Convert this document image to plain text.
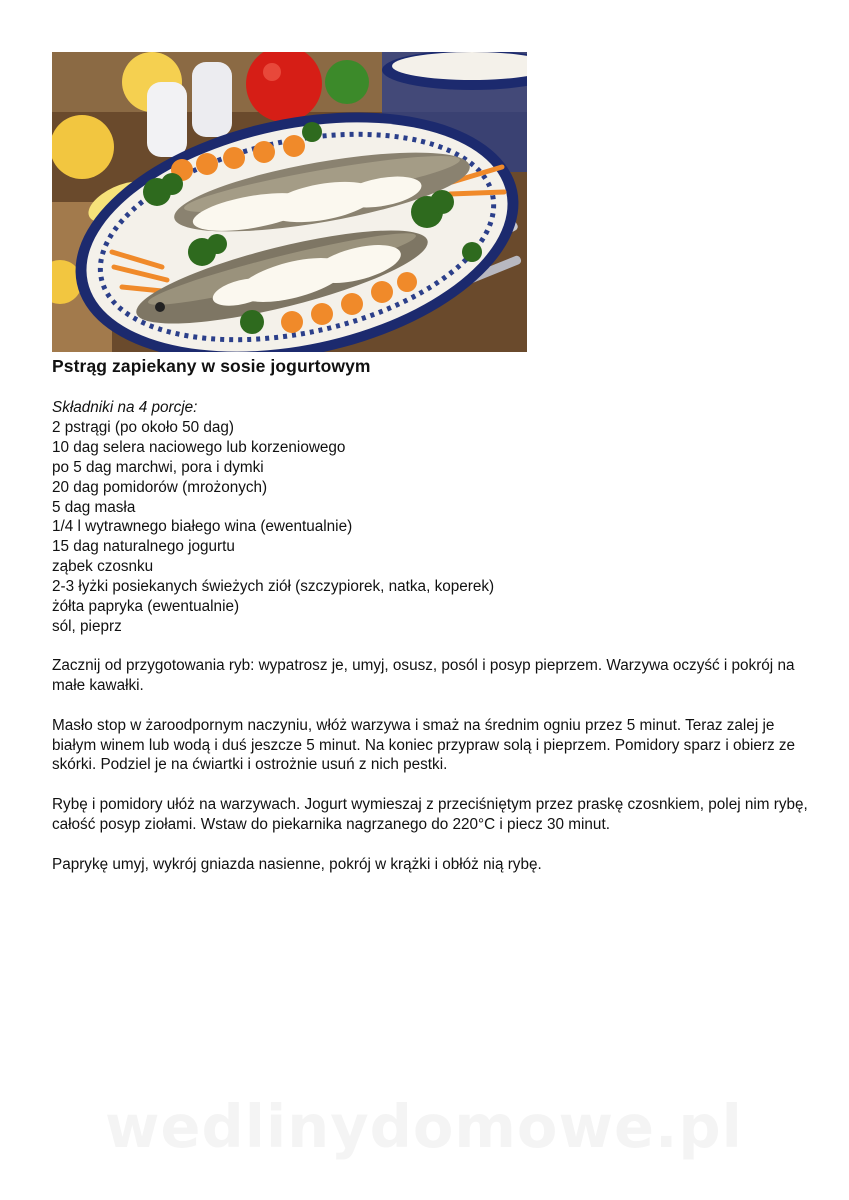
Pstrąg zapiekany w sosie jogurtowym
Składniki na 4 porcje:
2 pstrągi (po około 50 dag)
10 dag selera naciowego lub korzeniowego
po 5 dag marchwi, pora i dymki
20 dag pomidorów (mrożonych)
5 dag masła
1/4 l wytrawnego białego wina (ewentualnie)
15 dag naturalnego jogurtu
ząbek czosnku
2-3 łyżki posiekanych świeżych ziół (szczypiorek, natka, koperek)
żółta papryka (ewentualnie)
sól, pieprz

Zacznij od przygotowania ryb: wypatrosz je, umyj, osusz, posól i posyp pieprzem. Warzywa oczyść i pokrój na małe kawałki.

Masło stop w żaroodpornym naczyniu, włóż warzywa i smaż na średnim ogniu przez 5 minut. Teraz zalej je białym winem lub wodą i duś jeszcze 5 minut. Na koniec przypraw solą i pieprzem. Pomidory sparz i obierz ze skórki. Podziel je na ćwiartki i ostrożnie usuń z nich pestki.

Rybę i pomidory ułóż na warzywach. Jogurt wymieszaj z przeciśniętym przez praskę czosnkiem, polej nim rybę, całość posyp ziołami. Wstaw do piekarnika nagrzanego do 220°C i piecz 30 minut.

Paprykę umyj, wykrój gniazda nasienne, pokrój w krążki i obłóż nią rybę.

wedlinydomowe.pl
